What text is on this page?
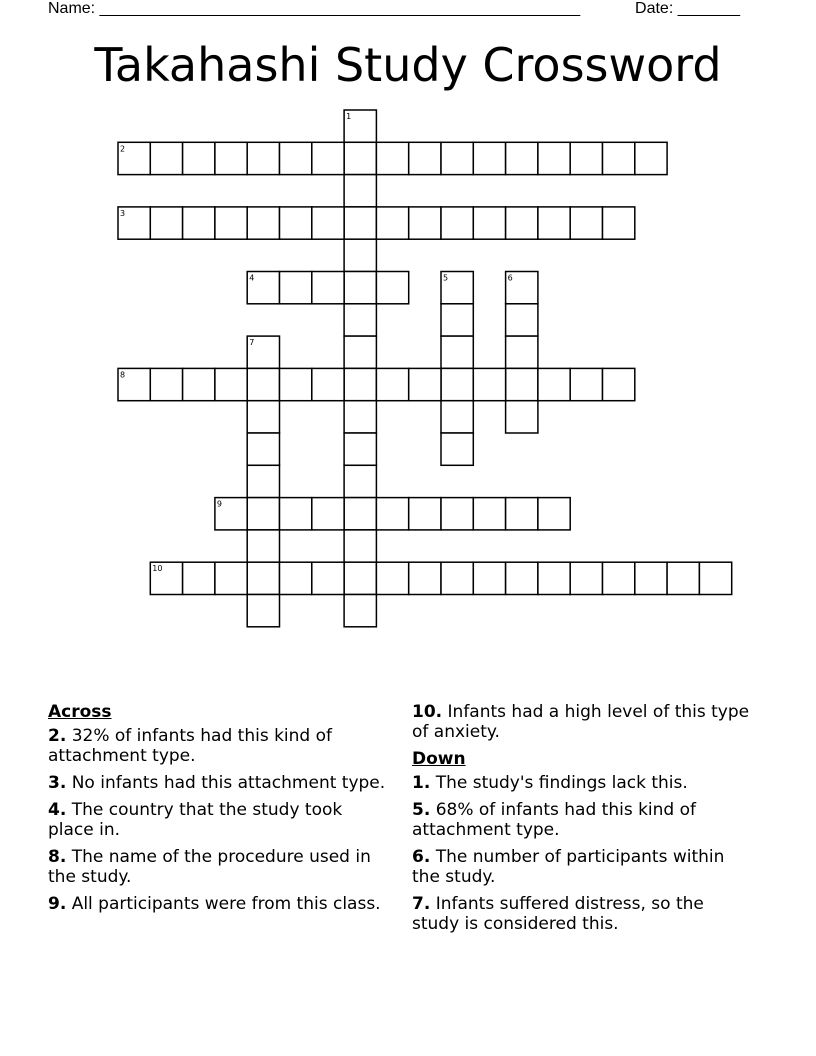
Name: ______________________________________________________	Date: _______
Takahashi Study Crossword
1
2
3
4	5	6
7
8
9
10
Across
2. 32% of infants had this kind of attachment type.
3. No infants had this attachment type.
4. The country that the study took place in.
8. The name of the procedure used in the study.
9. All participants were from this class.
10. Infants had a high level of this type of anxiety.
Down
1. The study's findings lack this.
5. 68% of infants had this kind of attachment type.
6. The number of participants within the study.
7. Infants suffered distress, so the study is considered this.
